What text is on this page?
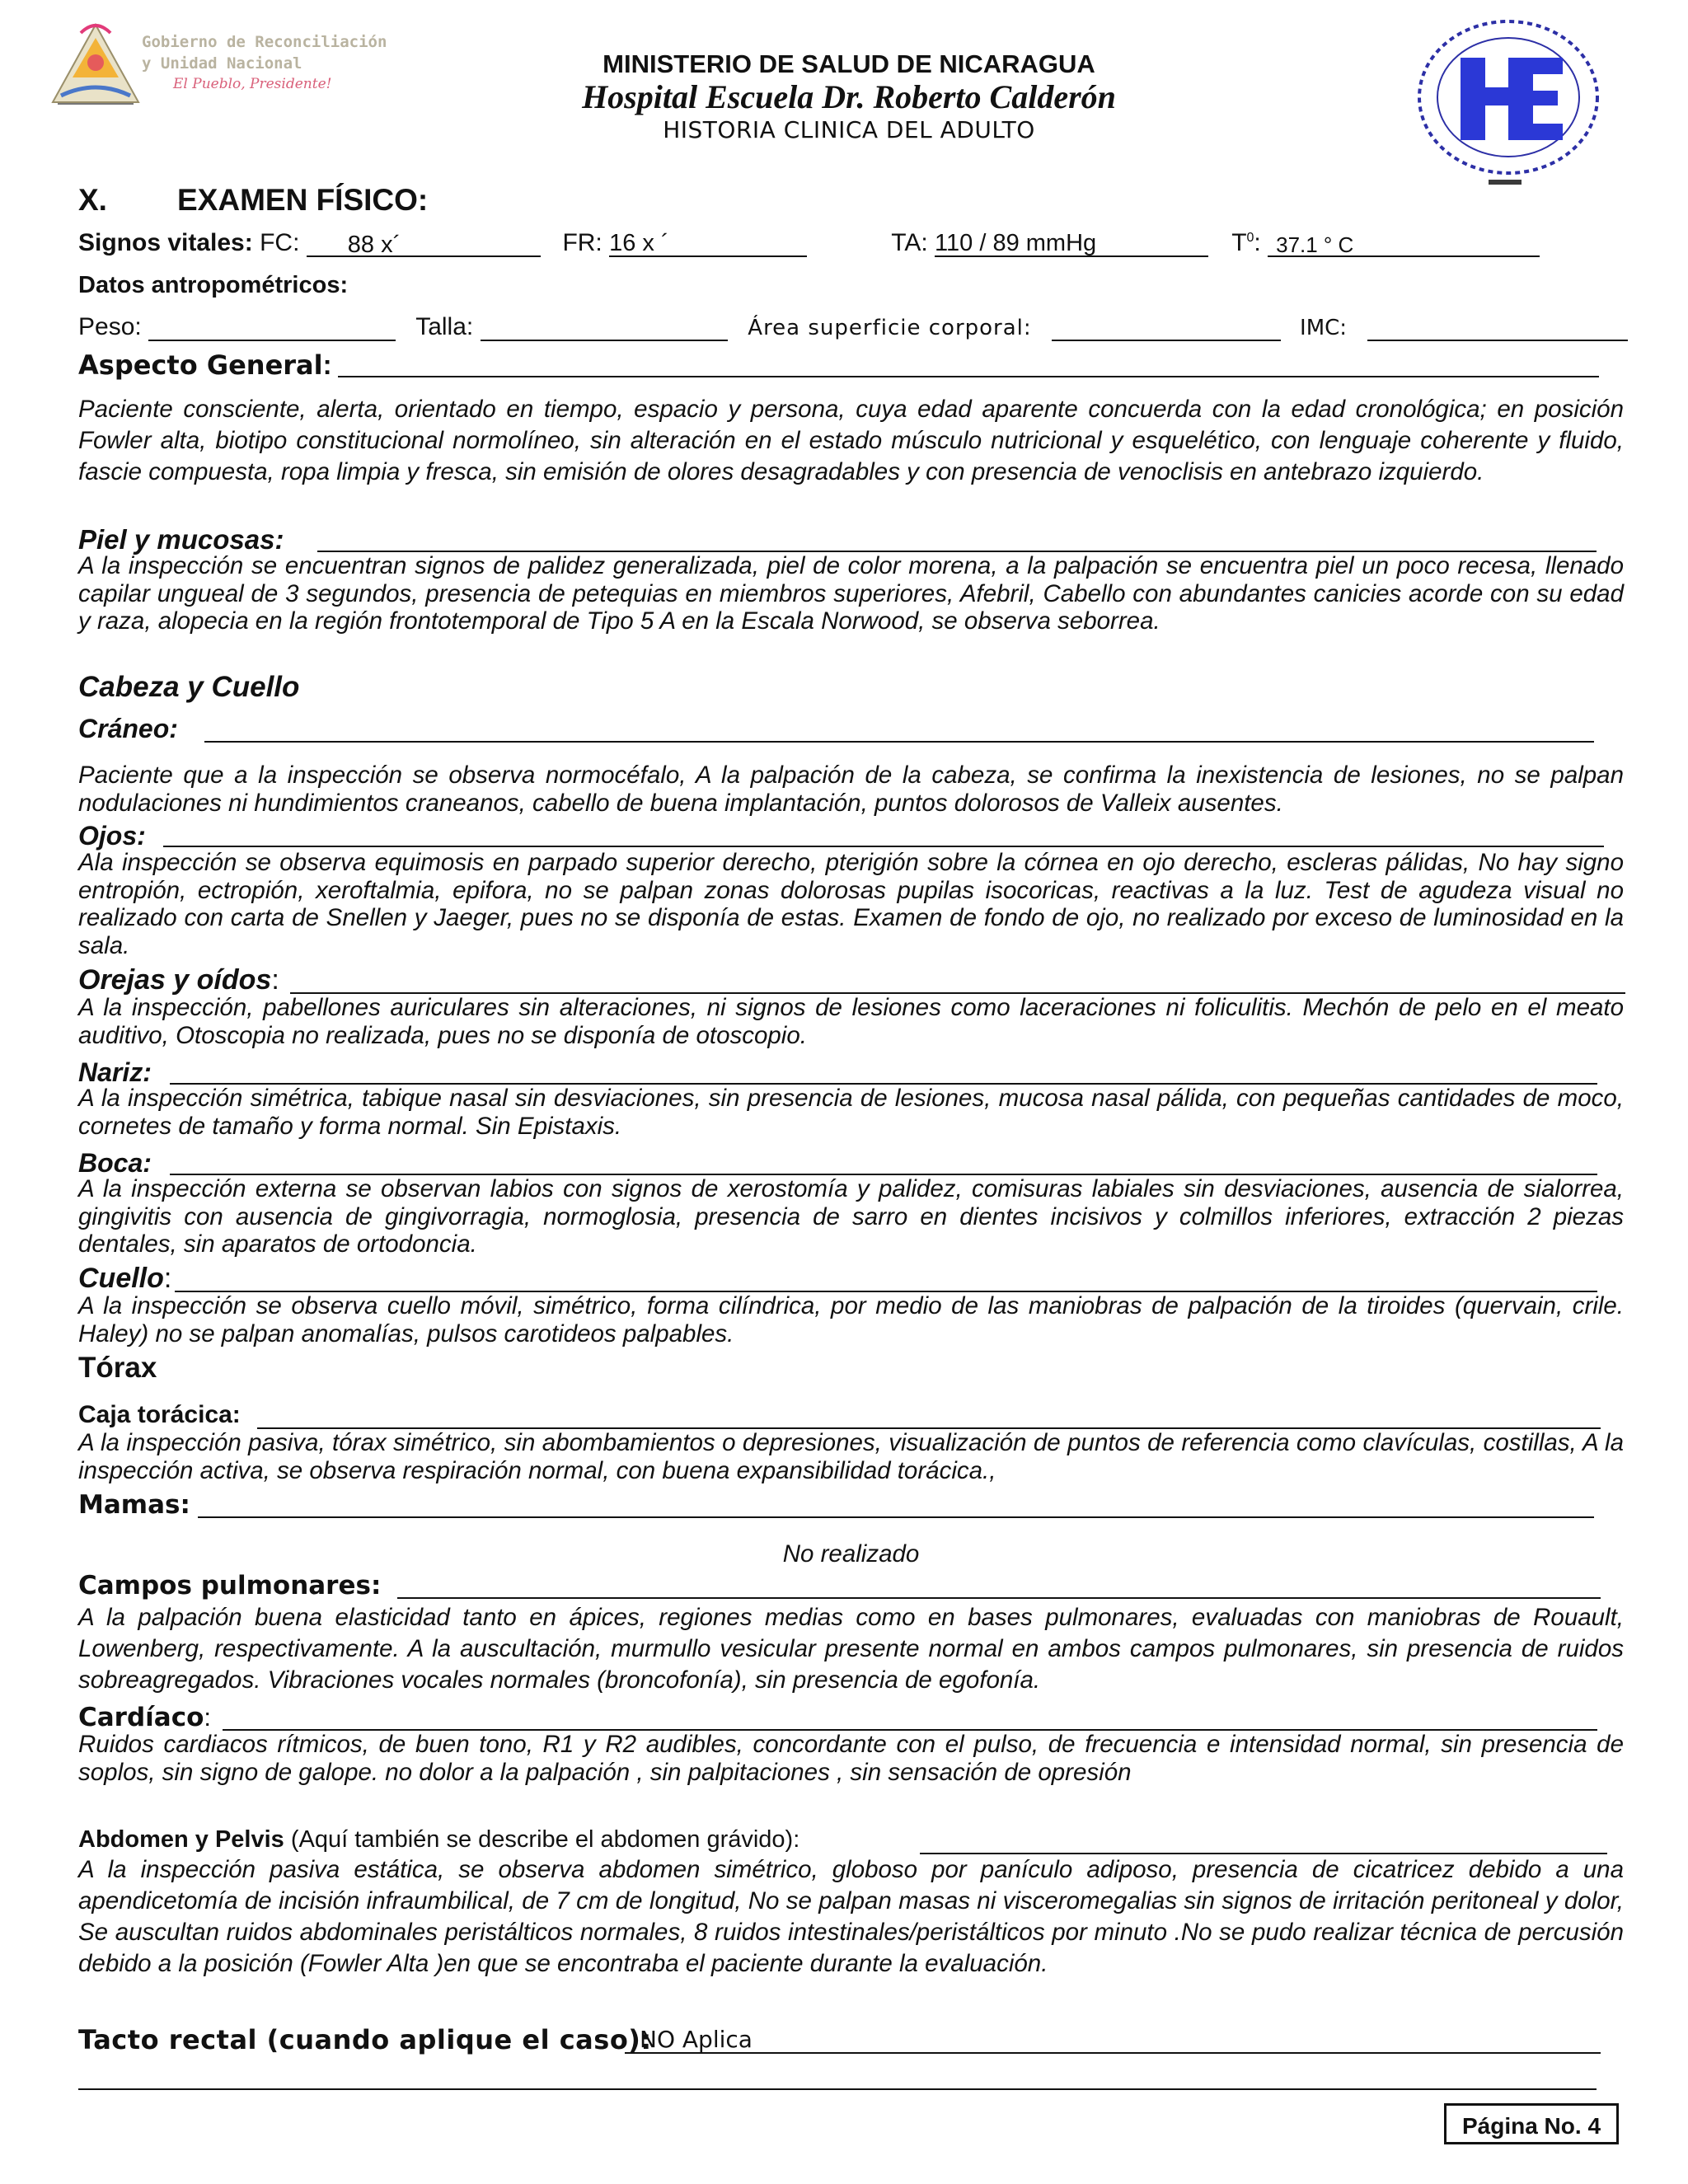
Gobierno de Reconciliación
y Unidad Nacional
El Pueblo, Presidente!
MINISTERIO DE SALUD DE NICARAGUA
Hospital Escuela Dr. Roberto Calderón
HISTORIA CLINICA DEL ADULTO
X. EXAMEN FÍSICO:
Signos vitales: FC: 88 x´	FR: 16 x ´	TA: 110 / 89 mmHg	$T^0$: 37.1 ° C
Datos antropométricos:
Peso:	Talla:	Área superficie corporal:	IMC:
Aspecto General:
Paciente consciente, alerta, orientado en tiempo, espacio y persona, cuya edad aparente concuerda con la edad cronológica; en posición Fowler alta, biotipo constitucional normolíneo, sin alteración en el estado músculo nutricional y esquelético, con lenguaje coherente y fluido, fascie compuesta, ropa limpia y fresca, sin emisión de olores desagradables y con presencia de venoclisis en antebrazo izquierdo.
Piel y mucosas:
A la inspección se encuentran signos de palidez generalizada, piel de color morena, a la palpación se encuentra piel un poco recesa, llenado capilar ungueal de 3 segundos, presencia de petequias en miembros superiores, Afebril, Cabello con abundantes canicies acorde con su edad y raza, alopecia en la región frontotemporal de Tipo 5 A en la Escala Norwood, se observa seborrea.
Cabeza y Cuello
Cráneo:
Paciente que a la inspección se observa normocéfalo, A la palpación de la cabeza, se confirma la inexistencia de lesiones, no se palpan nodulaciones ni hundimientos craneanos, cabello de buena implantación, puntos dolorosos de Valleix ausentes.
Ojos:
Ala inspección se observa equimosis en parpado superior derecho, pterigión sobre la córnea en ojo derecho, escleras pálidas, No hay signo entropión, ectropión, xeroftalmia, epifora, no se palpan zonas dolorosas pupilas isocoricas, reactivas a la luz. Test de agudeza visual no realizado con carta de Snellen y Jaeger, pues no se disponía de estas. Examen de fondo de ojo, no realizado por exceso de luminosidad en la sala.
Orejas y oídos:
A la inspección, pabellones auriculares sin alteraciones, ni signos de lesiones como laceraciones ni foliculitis. Mechón de pelo en el meato auditivo, Otoscopia no realizada, pues no se disponía de otoscopio.
Nariz:
A la inspección simétrica, tabique nasal sin desviaciones, sin presencia de lesiones, mucosa nasal pálida, con pequeñas cantidades de moco, cornetes de tamaño y forma normal. Sin Epistaxis.
Boca:
A la inspección externa se observan labios con signos de xerostomía y palidez, comisuras labiales sin desviaciones, ausencia de sialorrea, gingivitis con ausencia de gingivorragia, normoglosia, presencia de sarro en dientes incisivos y colmillos inferiores, extracción 2 piezas dentales, sin aparatos de ortodoncia.
Cuello:
A la inspección se observa cuello móvil, simétrico, forma cilíndrica, por medio de las maniobras de palpación de la tiroides (quervain, crile. Haley) no se palpan anomalías, pulsos carotideos palpables.
Tórax
Caja torácica:
A la inspección pasiva, tórax simétrico, sin abombamientos o depresiones, visualización de puntos de referencia como clavículas, costillas, A la inspección activa, se observa respiración normal, con buena expansibilidad torácica.,
Mamas:
No realizado
Campos pulmonares:
A la palpación buena elasticidad tanto en ápices, regiones medias como en bases pulmonares, evaluadas con maniobras de Rouault, Lowenberg, respectivamente. A la auscultación, murmullo vesicular presente normal en ambos campos pulmonares, sin presencia de ruidos sobreagregados. Vibraciones vocales normales (broncofonía), sin presencia de egofonía.
Cardíaco:
Ruidos cardiacos rítmicos, de buen tono, R1 y R2 audibles, concordante con el pulso, de frecuencia e intensidad normal, sin presencia de soplos, sin signo de galope. no dolor a la palpación , sin palpitaciones , sin sensación de opresión
Abdomen y Pelvis (Aquí también se describe el abdomen grávido):
A la inspección pasiva estática, se observa abdomen simétrico, globoso por panículo adiposo, presencia de cicatricez debido a una apendicetomía de incisión infraumbilical, de 7 cm de longitud, No se palpan masas ni visceromegalias sin signos de irritación peritoneal y dolor, Se auscultan ruidos abdominales peristálticos normales, 8 ruidos intestinales/peristálticos por minuto .No se pudo realizar técnica de percusión debido a la posición (Fowler Alta )en que se encontraba el paciente durante la evaluación.
Tacto rectal (cuando aplique el caso):
NO Aplica
Página No. 4
